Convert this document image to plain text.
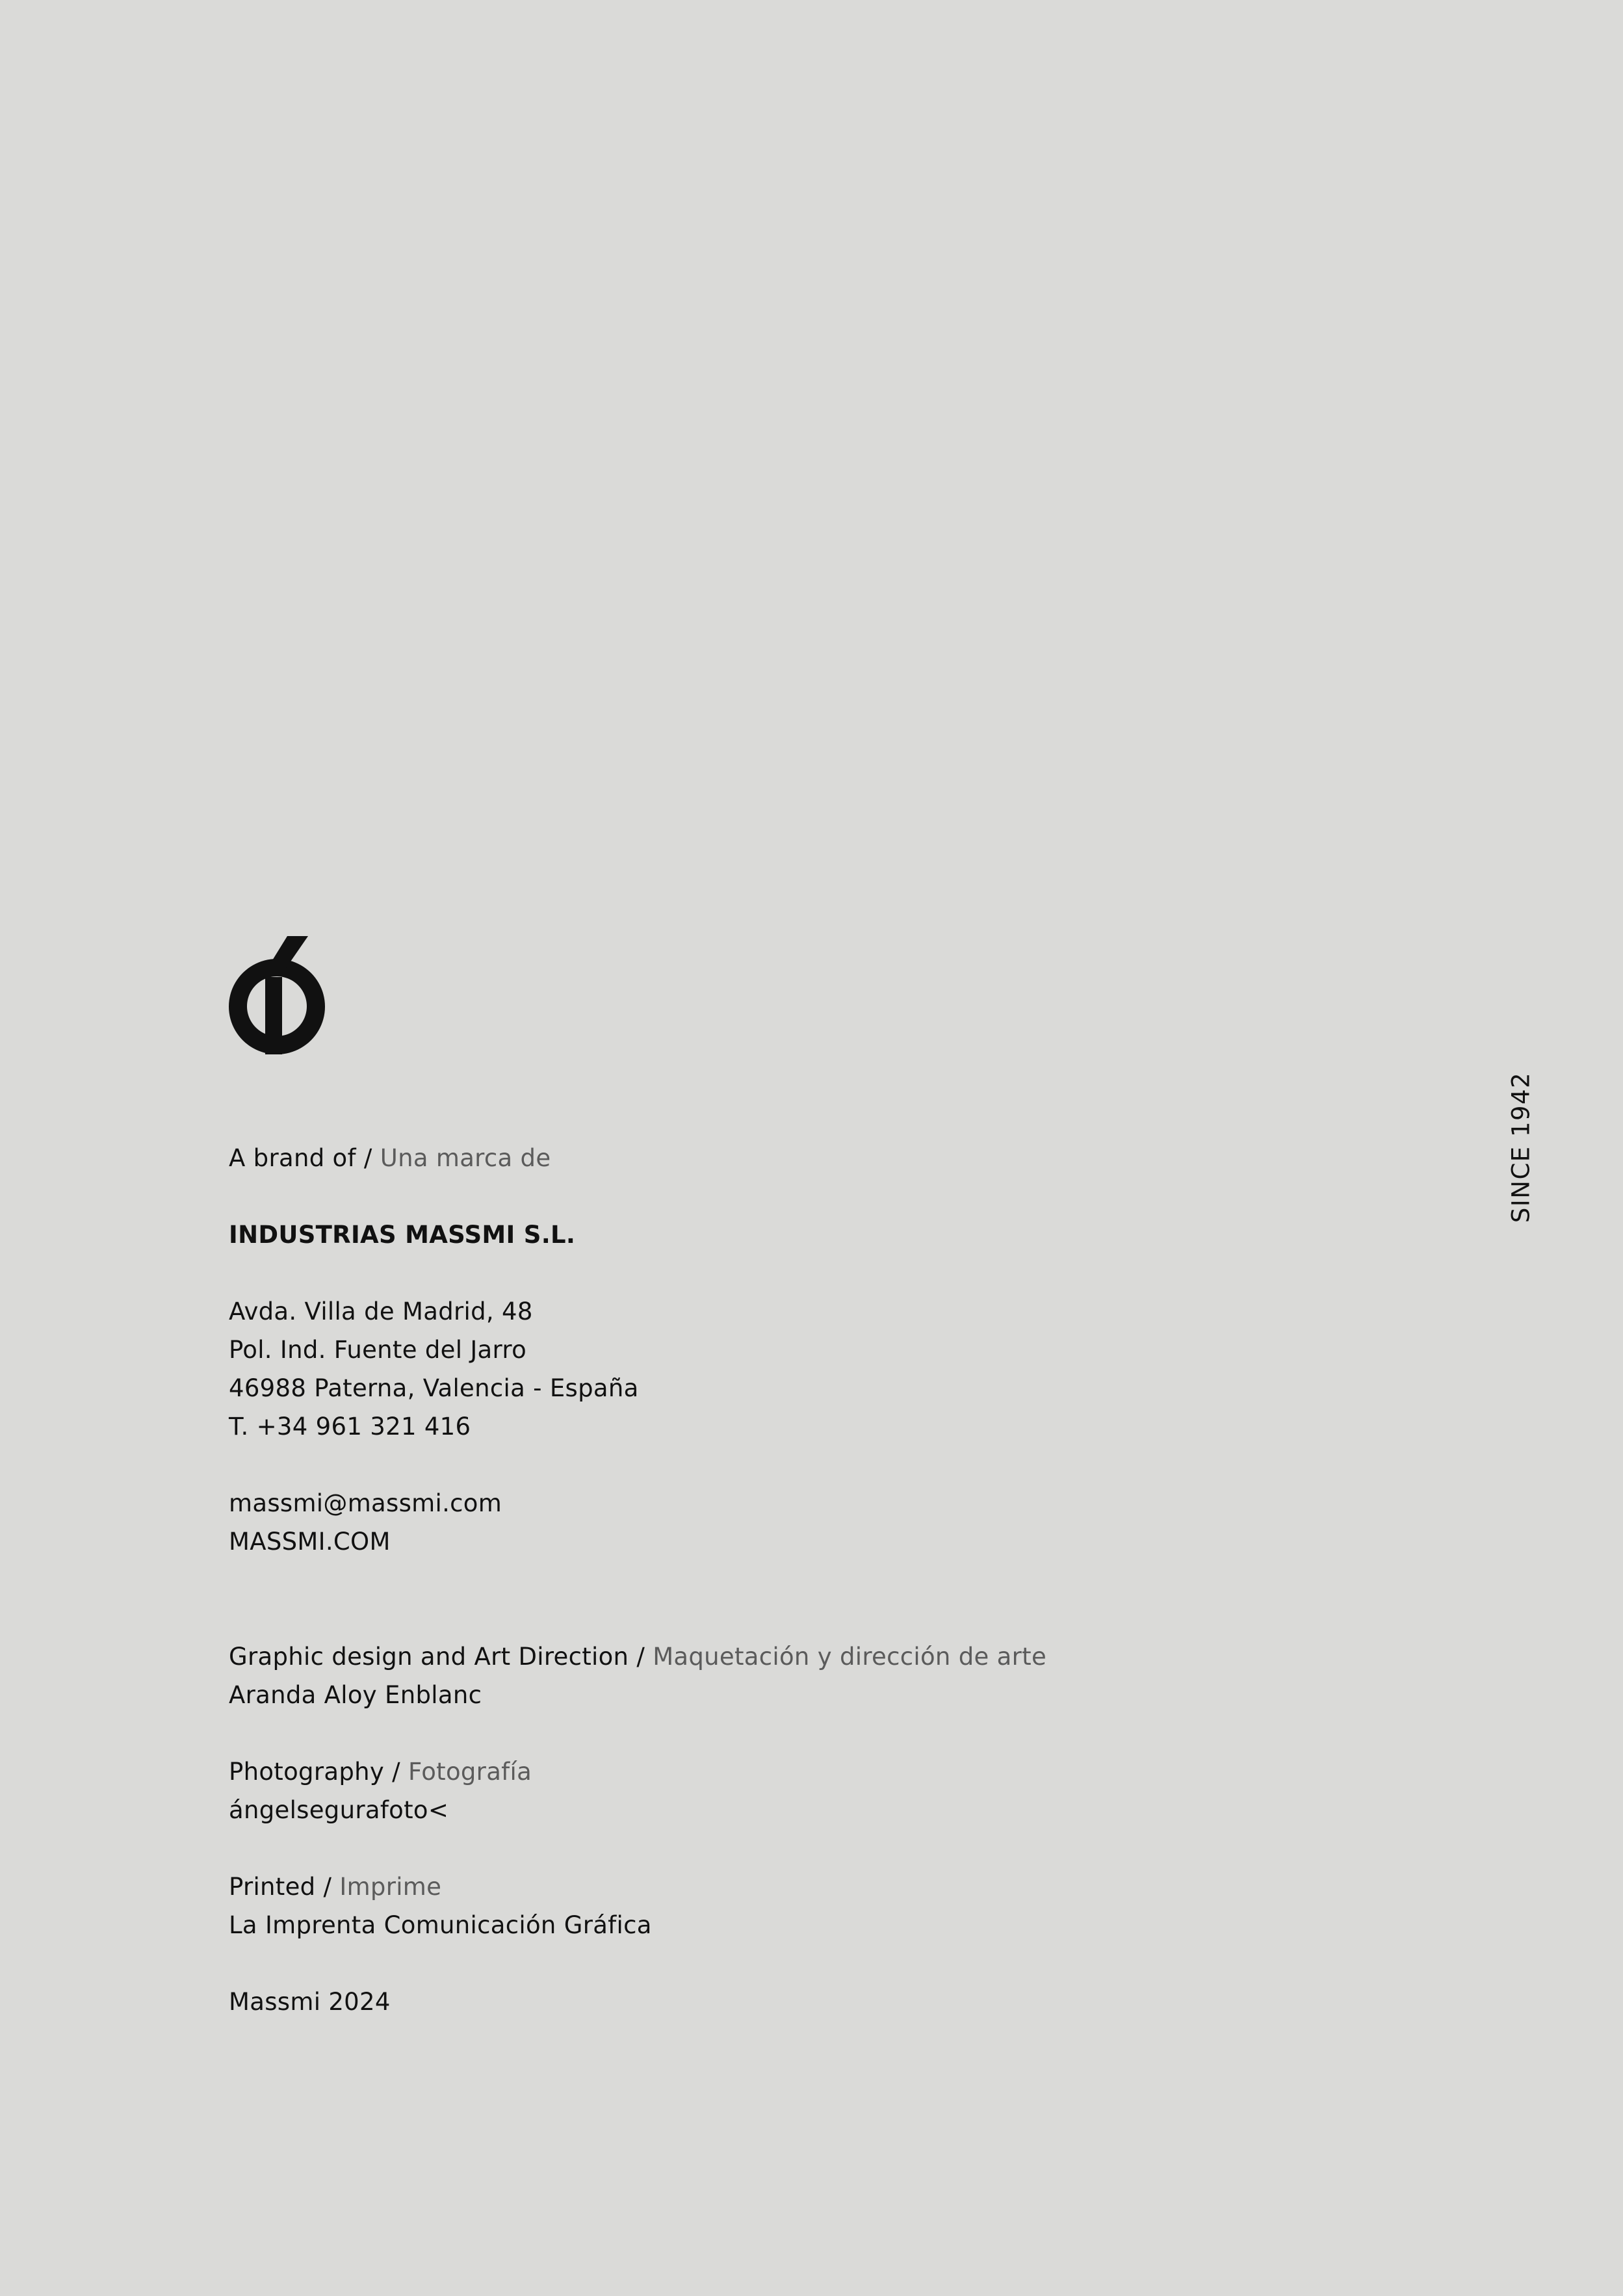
SINCE 1942
A brand of / Una marca de
INDUSTRIAS MASSMI S.L.
Avda. Villa de Madrid, 48
Pol. Ind. Fuente del Jarro
46988 Paterna, Valencia - España
T. +34 961 321 416
massmi@massmi.com
MASSMI.COM
Graphic design and Art Direction / Maquetación y dirección de arte
Aranda Aloy Enblanc
Photography / Fotografía
ángelsegurafoto<
Printed / Imprime
La Imprenta Comunicación Gráfica
Massmi 2024
